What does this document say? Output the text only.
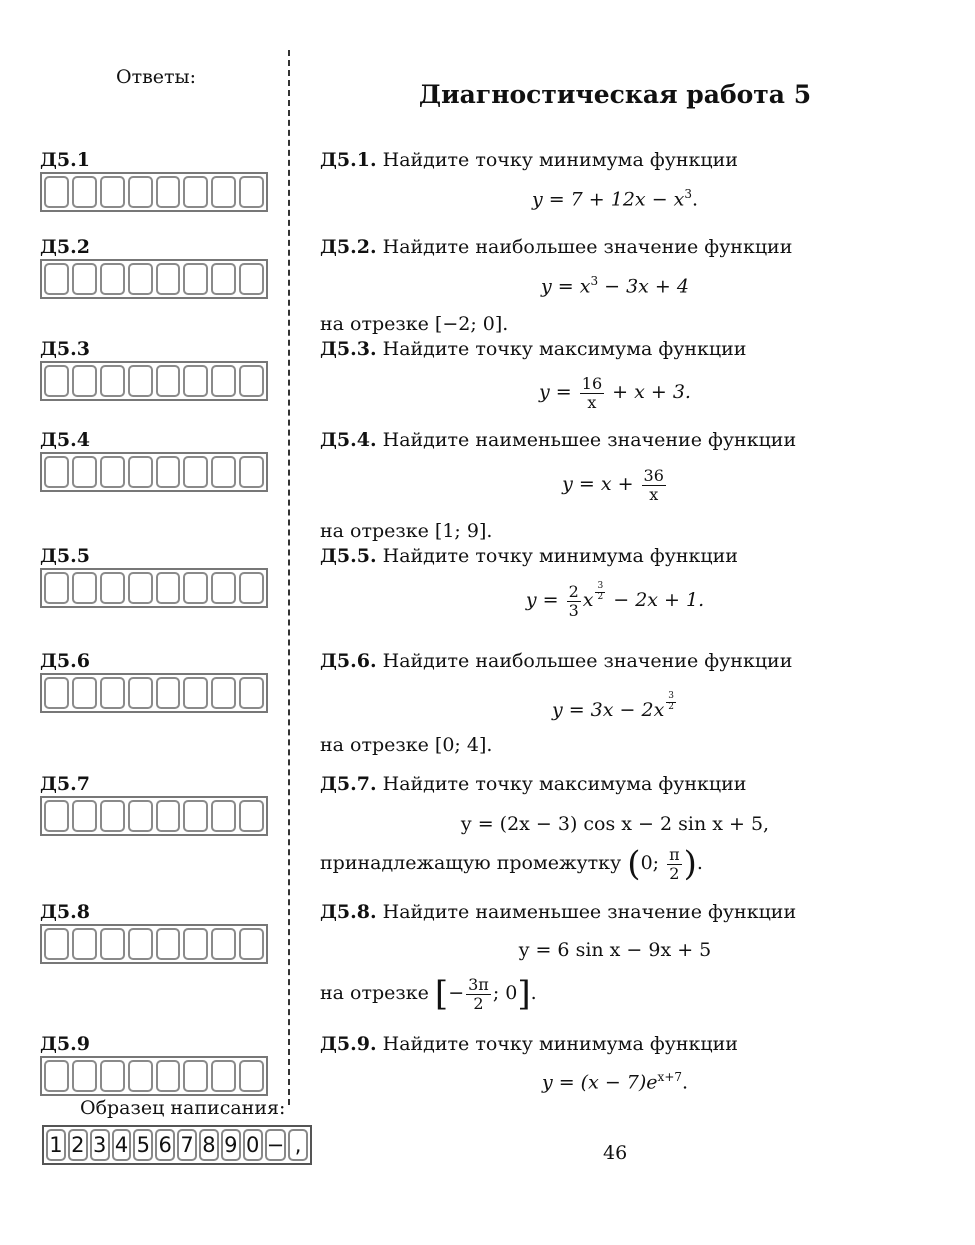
Ответы:
Диагностическая работа 5
Д5.1
Д5.2
Д5.3
Д5.4
Д5.5
Д5.6
Д5.7
Д5.8
Д5.9
Д5.1. Найдите точку минимума функции
$y = 7 + 12x - x^3$.
Д5.2. Найдите наибольшее значение функции
$y = x^3 - 3x + 4$
на отрезке [−2; 0].
Д5.3. Найдите точку максимума функции
$y = \frac{16}{x} + x + 3$.
Д5.4. Найдите наименьшее значение функции
$y = x + \frac{36}{x}$
на отрезке [1; 9].
Д5.5. Найдите точку минимума функции
$y = \frac{2}{3}$ x $\frac{3}{2} - 2x + 1$.
Д5.6. Найдите наибольшее значение функции
$y = 3x - 2x \frac{3}{2}$
на отрезке [0; 4].
Д5.7. Найдите точку максимума функции
y = (2x − 3) cos x − 2 sin x + 5,
принадлежащую промежутку (0; $\frac{\pi}{2}$ ).
Д5.8. Найдите наименьшее значение функции
y = 6 sin x − 9x + 5
на отрезке [− $\frac{3\pi}{2}$ ; 0].
Д5.9. Найдите точку минимума функции
$y = (x - 7)e^{x+7}$.
Образец написания:
1 2 3 4 5 6 7 8 9 0 − ,	46
